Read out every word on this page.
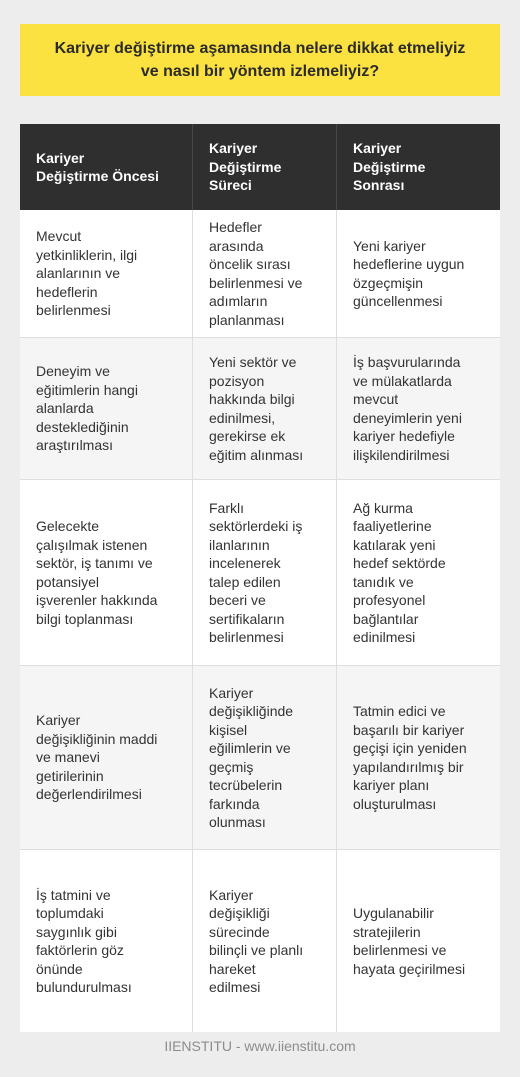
Kariyer değiştirme aşamasında nelere dikkat etmeliyiz ve nasıl bir yöntem izlemeliyiz?
Kariyer
Değiştirme Öncesi
Kariyer
Değiştirme
Süreci
Kariyer
Değiştirme
Sonrası
Mevcut
yetkinliklerin, ilgi
alanlarının ve
hedeflerin
belirlenmesi
Hedefler
arasında
öncelik sırası
belirlenmesi ve
adımların
planlanması
Yeni kariyer
hedeflerine uygun
özgeçmişin
güncellenmesi
Deneyim ve
eğitimlerin hangi
alanlarda
desteklediğinin
araştırılması
Yeni sektör ve
pozisyon
hakkında bilgi
edinilmesi,
gerekirse ek
eğitim alınması
İş başvurularında
ve mülakatlarda
mevcut
deneyimlerin yeni
kariyer hedefiyle
ilişkilendirilmesi
Gelecekte
çalışılmak istenen
sektör, iş tanımı ve
potansiyel
işverenler hakkında
bilgi toplanması
Farklı
sektörlerdeki iş
ilanlarının
incelenerek
talep edilen
beceri ve
sertifikaların
belirlenmesi
Ağ kurma
faaliyetlerine
katılarak yeni
hedef sektörde
tanıdık ve
profesyonel
bağlantılar
edinilmesi
Kariyer
değişikliğinin maddi
ve manevi
getirilerinin
değerlendirilmesi
Kariyer
değişikliğinde
kişisel
eğilimlerin ve
geçmiş
tecrübelerin
farkında
olunması
Tatmin edici ve
başarılı bir kariyer
geçişi için yeniden
yapılandırılmış bir
kariyer planı
oluşturulması
İş tatmini ve
toplumdaki
saygınlık gibi
faktörlerin göz
önünde
bulundurulması
Kariyer
değişikliği
sürecinde
bilinçli ve planlı
hareket
edilmesi
Uygulanabilir
stratejilerin
belirlenmesi ve
hayata geçirilmesi
IIENSTITU - www.iienstitu.com
